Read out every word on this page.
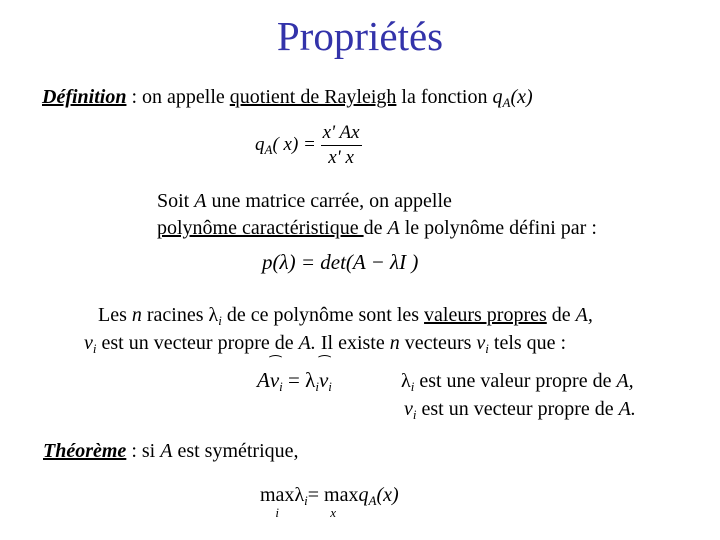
Propriétés
Définition : on appelle quotient de Rayleigh la fonction $q_A(x)$
$q_A$( $x) = \frac{x' Ax}{x' x}$
Soit A une matrice carrée, on appelle
polynôme caractéristique de A le polynôme défini par :
p(λ) = det(A − λI )
Les n racines $\lambda_i$ de ce polynôme sont les valeurs propres de A,
$v_i$ est un vecteur propre de A. Il existe n vecteurs $v_i$ tels que :
A⁀ $v_i$ = $\lambda_i⁀$ $v_i$	$\lambda_i$ est une valeur propre de A,
$v_i$ est un vecteur propre de A.
Théorème : si A est symétrique,
max
i
$\lambda_i = \max$
x
$q_A(x)$
